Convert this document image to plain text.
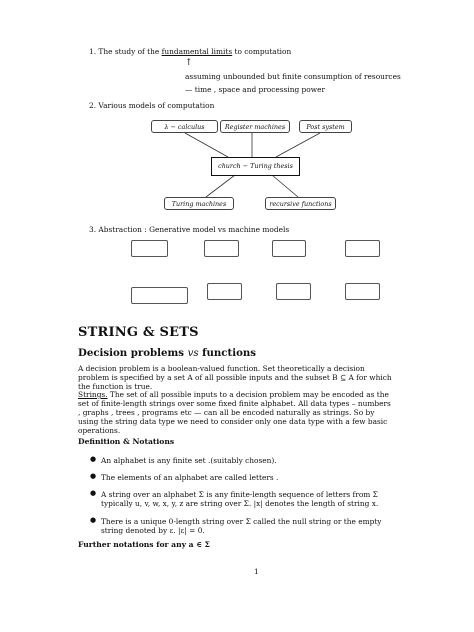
1. The study of the fundamental limits to computation
↑
assuming unbounded but finite consumption of resources
— time , space and processing power
2. Various models of computation
λ − calculus	Register machines	Post system
church − Turing thesis
Turing machines	recursive functions
3. Abstraction : Generative model vs machine models
STRING & SETS
Decision problems vs functions

A decision problem is a boolean-valued function. Set theoretically a decision problem is specified by a set A of all possible inputs and the subset B ⊆ A for which the function is true.

Strings. The set of all possible inputs to a decision problem may be encoded as the set of finite-length strings over some fixed finite alphabet. All data types – numbers , graphs , trees , programs etc — can all be encoded naturally as strings. So by using the string data type we need to consider only one data type with a few basic operations.

Definition & Notations
● An alphabet is any finite set .(suitably chosen).
● The elements of an alphabet are called letters .
● A string over an alphabet Σ is any finite-length sequence of letters from Σ typically u, v, w, x, y, z are string over Σ. |x| denotes the length of string x.
● There is a unique 0-length string over Σ called the null string or the empty string denoted by ε. |ε| = 0.
Further notations for any a ∈ Σ
1
